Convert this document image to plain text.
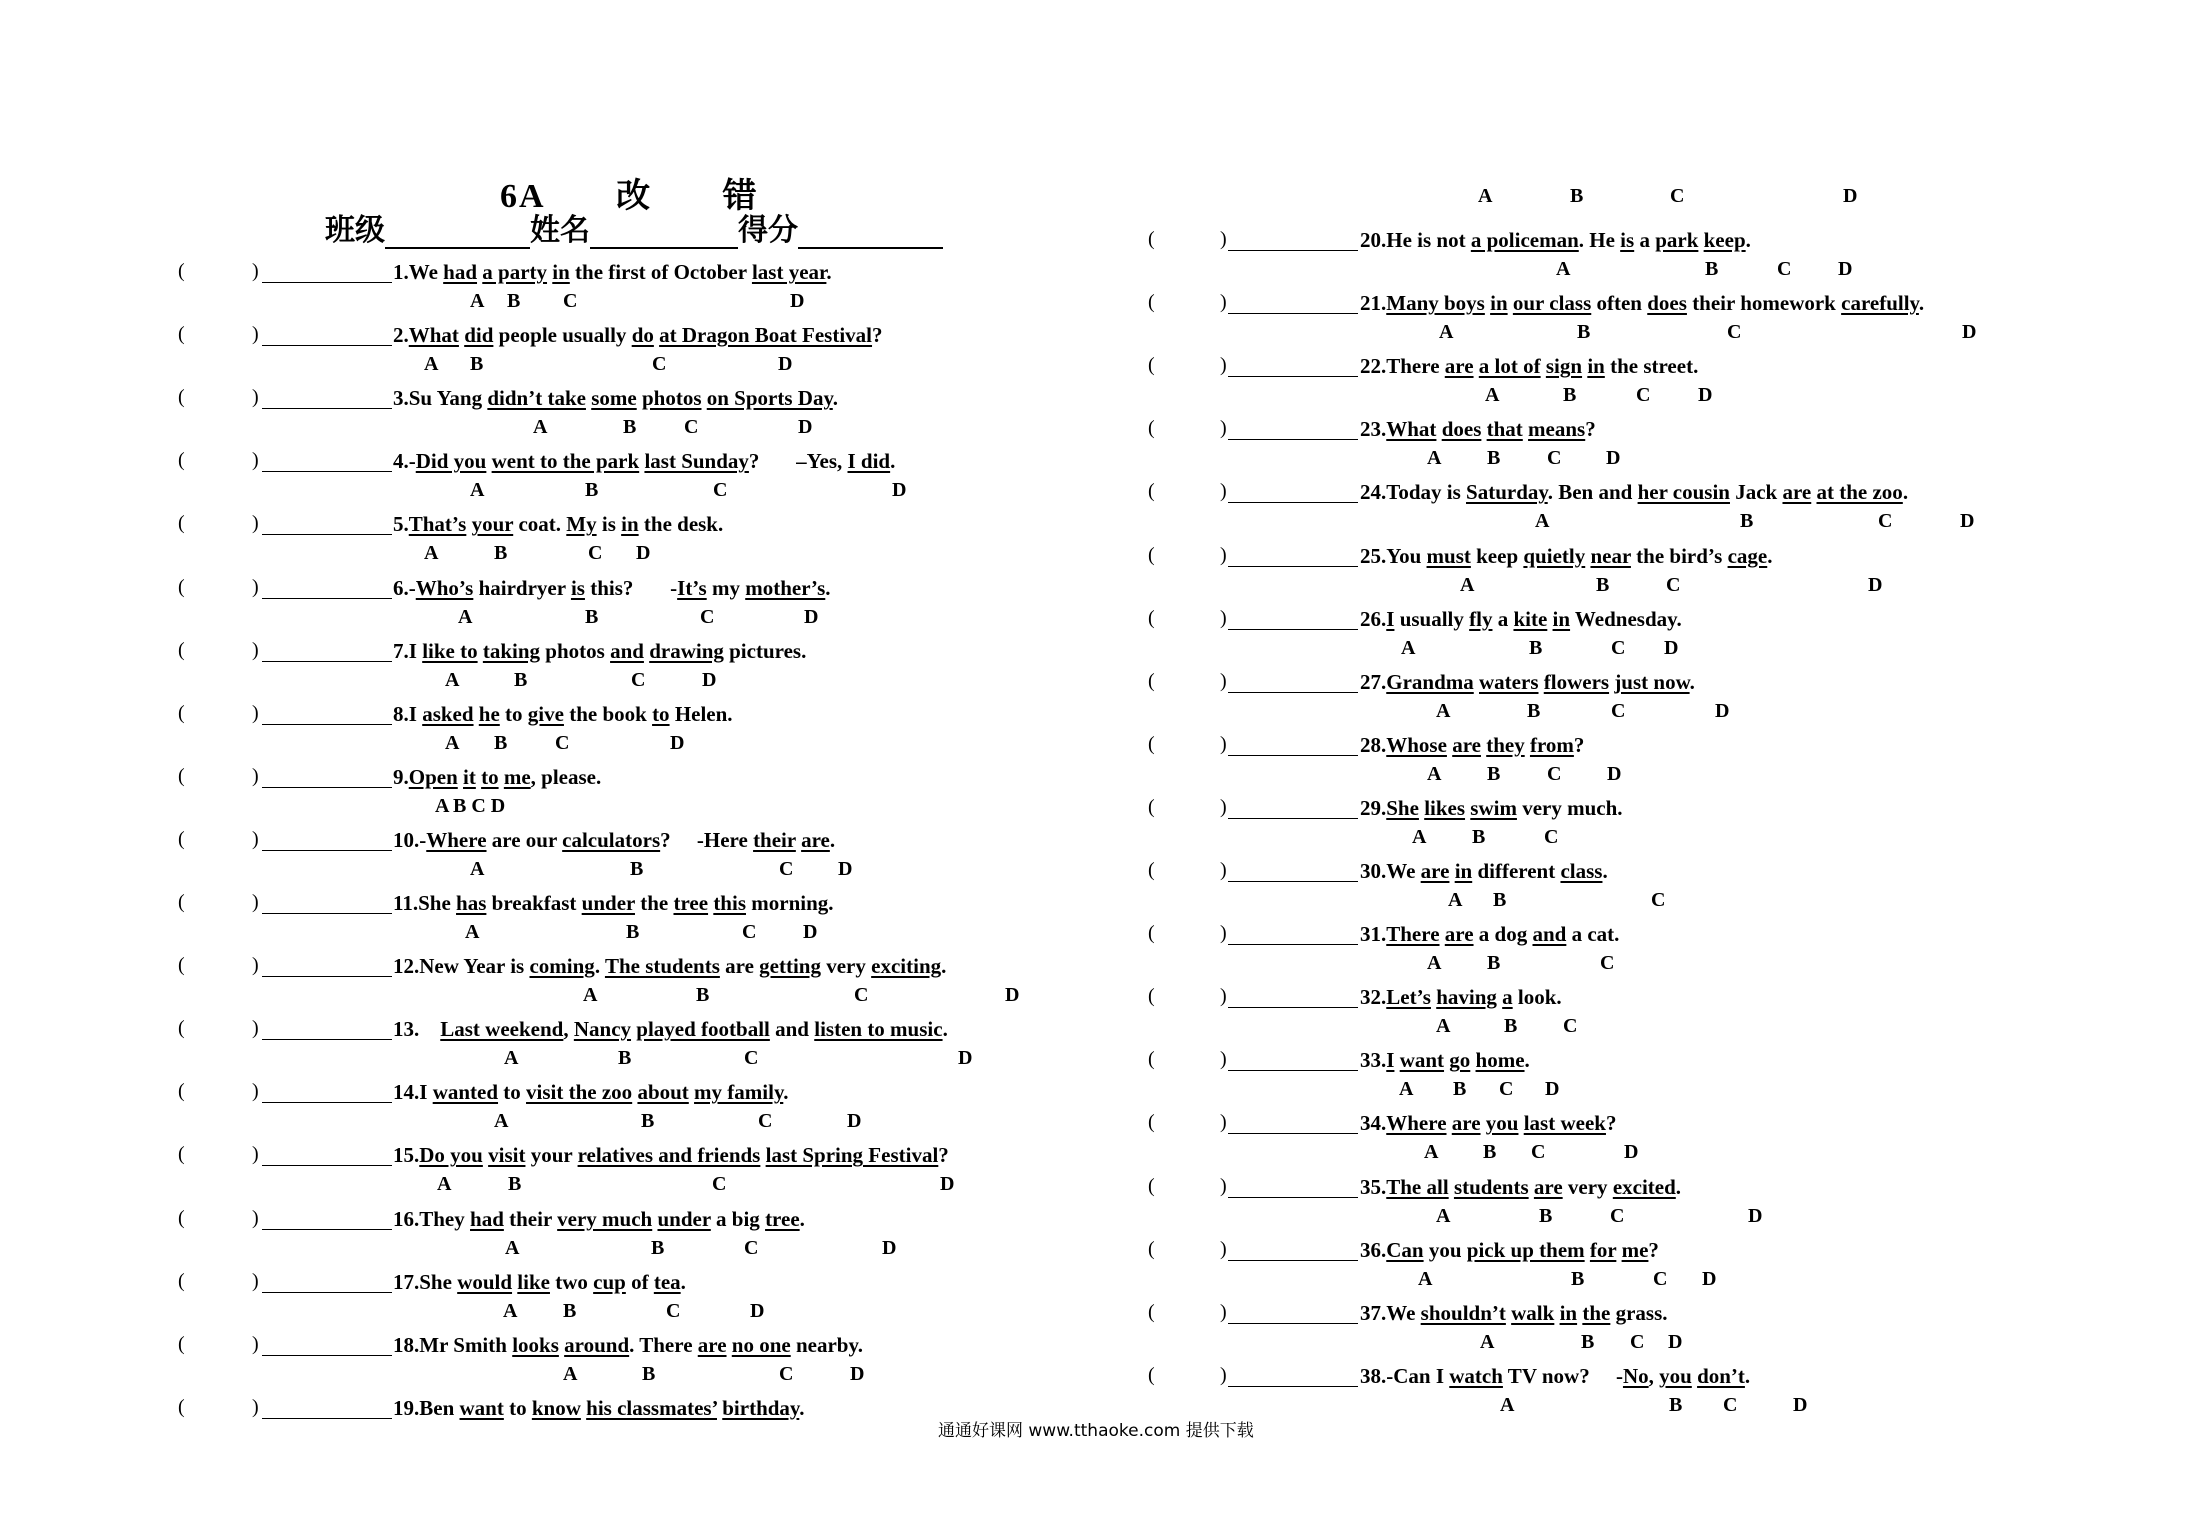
6A 改 错
班级	姓名	得分
A	B	C	D
(	)	1.We had a party in the first of October last year.
A B C	D
(	)	2.What did people usually do at Dragon Boat Festival?
A B	C	D
(	)	3.Su Yang didn’t take some photos on Sports Day.
A	B C	D
(	)	4.-Did you went to the park last Sunday?       –Yes, I did.
A	B	C	D
(	)	5.That’s your coat. My is in the desk.
A	B	C D
(	)	6.-Who’s hairdryer is this?       -It’s my mother’s.
A	B	C	D
(	)	7.I like to taking photos and drawing pictures.
A	B	C	D
(	)	8.I asked he to give the book to Helen.
A B C	D
(	)	9.Open it to me, please.
A B C D
(	)	10.-Where are our calculators?     -Here their are.
A	B	C D
(	)	11.She has breakfast under the tree this morning.
A	B	C D
(	)	12.New Year is coming. The students are getting very exciting.
A	B	C	D
(	)	13. Last weekend, Nancy played football and listen to music.
A	B	C	D
(	)	14.I wanted to visit the zoo about my family.
A	B	C	D
(	)	15.Do you visit your relatives and friends last Spring Festival?
A	B	C	D
(	)	16.They had their very much under a big tree.
A	B	C	D
(	)	17.She would like two cup of tea.
A B	C	D
(	)	18.Mr Smith looks around. There are no one nearby.
A	B	C	D
(	)	19.Ben want to know his classmates’ birthday.
(	)	20.He is not a policeman. He is a park keep.
(	)	21.Many boys in our class often does their homework carefully.
A	B	C	D
(	)	22.There are a lot of sign in the street.
A	B	C D
(	)	23.What does that means?
A B C D
(	)	24.Today is Saturday. Ben and her cousin Jack are at the zoo.
A	B	C	D
(	)	25.You must keep quietly near the bird’s cage.
A	B	C	D
(	)	26.I usually fly a kite in Wednesday.
A	B	C D
(	)	27.Grandma waters flowers just now.
A	B	C	D
(	)	28.Whose are they from?
A B C D
(	)	29.She likes swim very much.
A B	C
(	)	30.We are in different class.
A B	C
(	)	31.There are a dog and a cat.
A B	C
(	)	32.Let’s having a look.
A	B C
(	)	33.I want go home.
A B C D
(	)	34.Where are you last week?
A B C	D
(	)	35.The all students are very excited.
A	B	C	D
(	)	36.Can you pick up them for me?
A	B	C D
(	)	37.We shouldn’t walk in the grass.
A	B C D
(	)	38.-Can I watch TV now?     -No, you don’t.
A	B C	D
A	B	C D
通通好课网 www.tthaoke.com 提供下载
